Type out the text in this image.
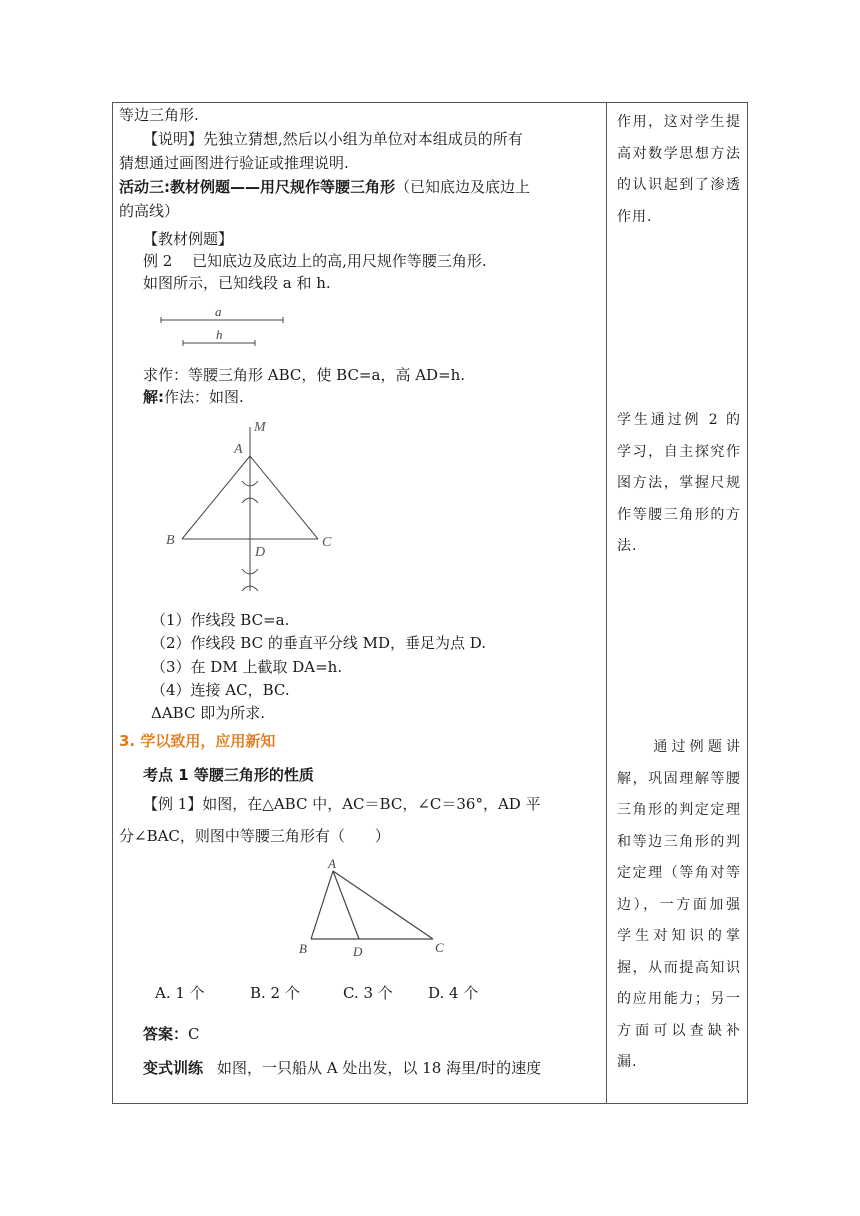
等边三角形.
【说明】先独立猜想,然后以小组为单位对本组成员的所有
猜想通过画图进行验证或推理说明.
活动三:教材例题——用尺规作等腰三角形（已知底边及底边上
的高线）
【教材例题】
例 2　 已知底边及底边上的高,用尺规作等腰三角形.
如图所示，已知线段 a 和 h.
a
h
求作：等腰三角形 ABC，使 BC=a，高 AD=h.
解:作法：如图.
M
A
B	C
D
（1）作线段 BC=a.
（2）作线段 BC 的垂直平分线 MD，垂足为点 D.
（3）在 DM 上截取 DA=h.
（4）连接 AC，BC.
ΔABC 即为所求.
3. 学以致用，应用新知
考点 1 等腰三角形的性质
【例 1】如图，在△ABC 中，AC＝BC，∠C＝36°，AD 平
分∠BAC，则图中等腰三角形有（　　）
A
B	D	C
A. 1 个	B. 2 个	C. 3 个 D. 4 个
答案：C
变式训练 如图，一只船从 A 处出发，以 18 海里/时的速度
作用，这对学生提高对数学思想方法的认识起到了渗透作用.
学生通过例 2 的学习，自主探究作图方法，掌握尺规作等腰三角形的方法.
　　通过例题讲解，巩固理解等腰三角形的判定定理和等边三角形的判定定理（等角对等边），一方面加强学生对知识的掌握，从而提高知识的应用能力；另一方面可以查缺补漏.
